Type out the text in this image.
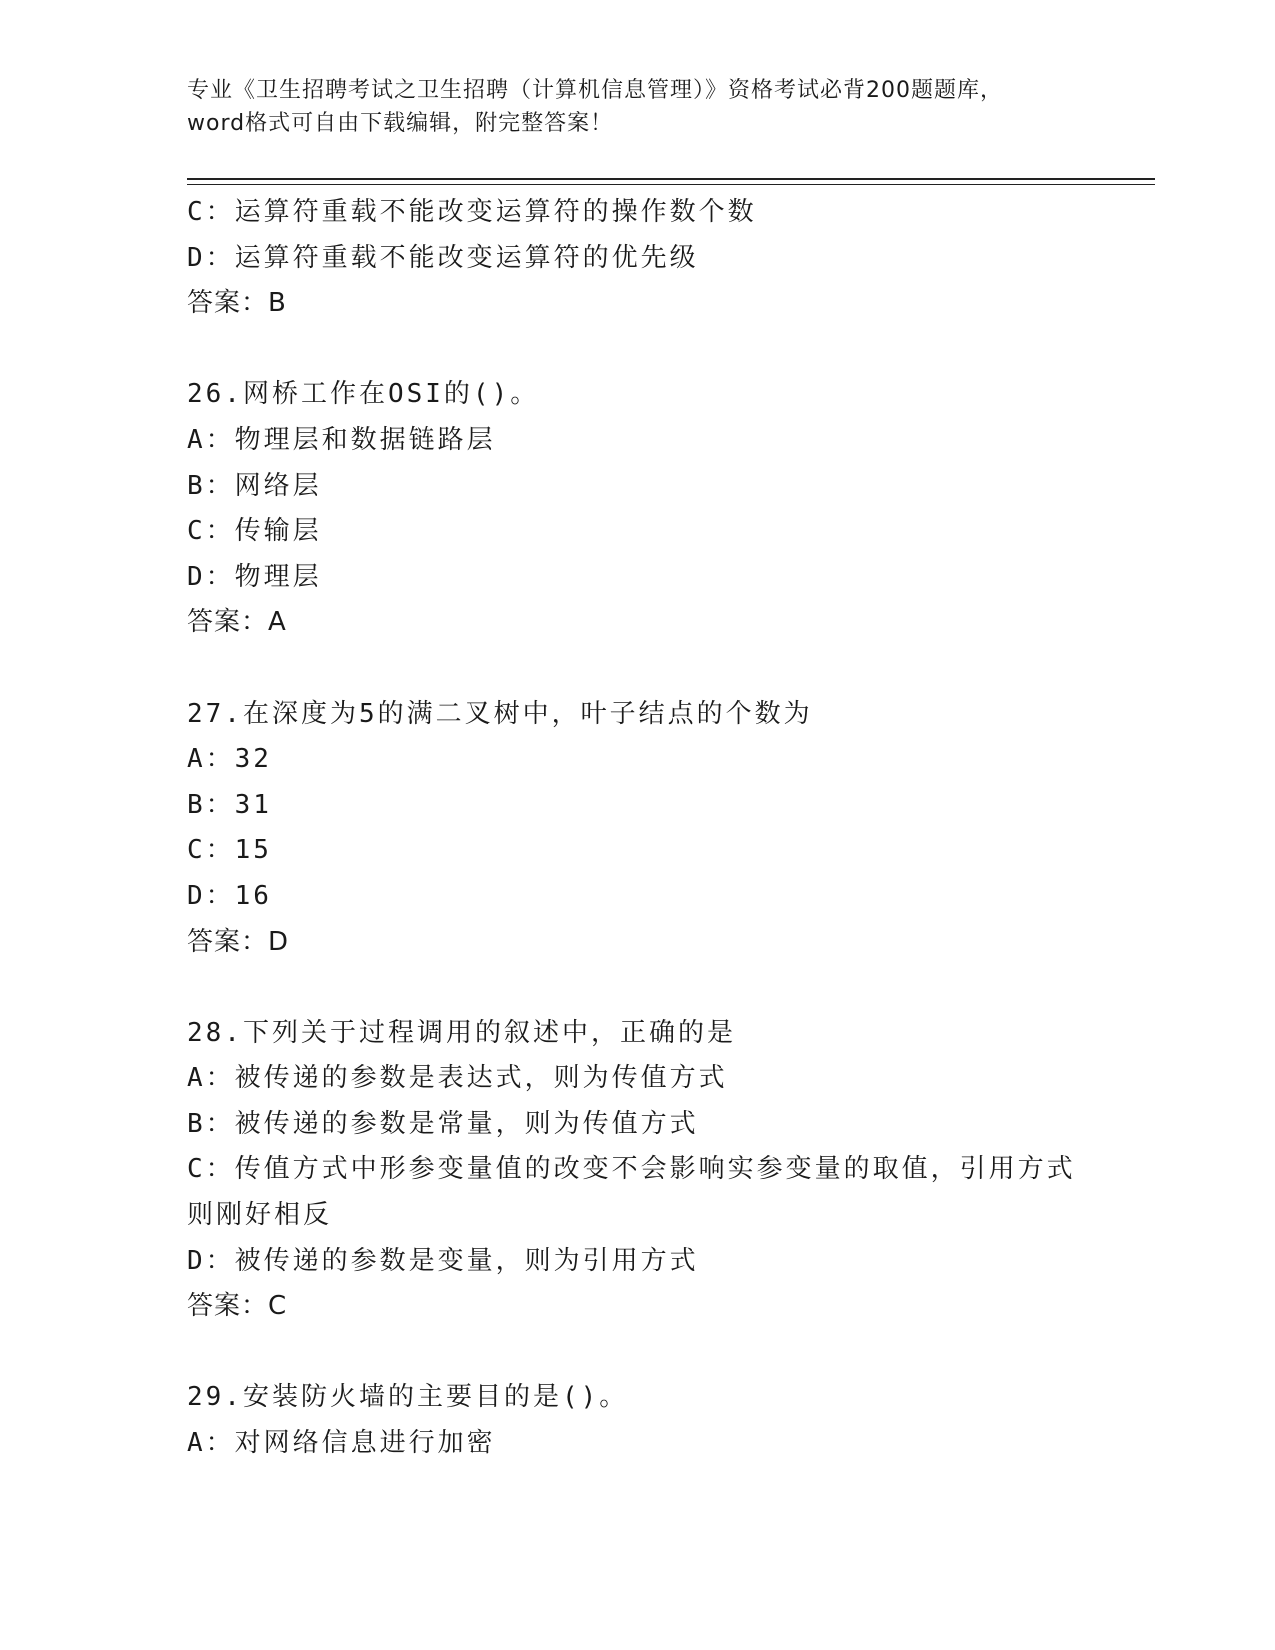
专业《卫生招聘考试之卫生招聘（计算机信息管理）》资格考试必背200题题库，
word格式可自由下载编辑，附完整答案！
C：运算符重载不能改变运算符的操作数个数
D：运算符重载不能改变运算符的优先级
答案：B
26.网桥工作在OSI的()。
A：物理层和数据链路层
B：网络层
C：传输层
D：物理层
答案：A
27.在深度为5的满二叉树中，叶子结点的个数为
A：32
B：31
C：15
D：16
答案：D
28.下列关于过程调用的叙述中，正确的是
A：被传递的参数是表达式，则为传值方式
B：被传递的参数是常量，则为传值方式
C：传值方式中形参变量值的改变不会影响实参变量的取值，引用方式
则刚好相反
D：被传递的参数是变量，则为引用方式
答案：C
29.安装防火墙的主要目的是()。
A：对网络信息进行加密
